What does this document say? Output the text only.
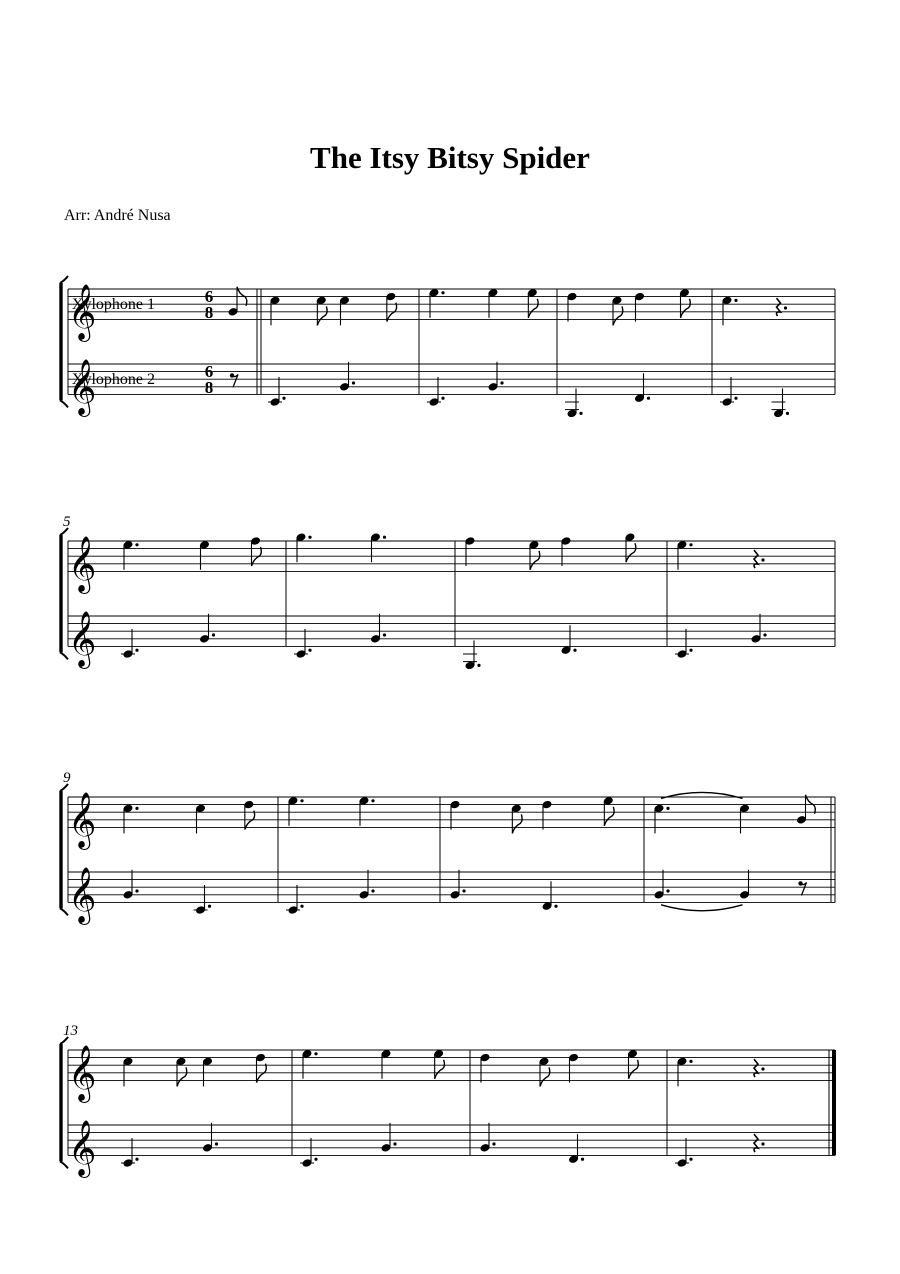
The Itsy Bitsy Spider
Arr: André Nusa
𝄞
𝄞
Xylophone 1
Xylophone 2
6
8
6
8
𝄞
𝄞
5
𝄞
𝄞
9
𝄞
𝄞
13
